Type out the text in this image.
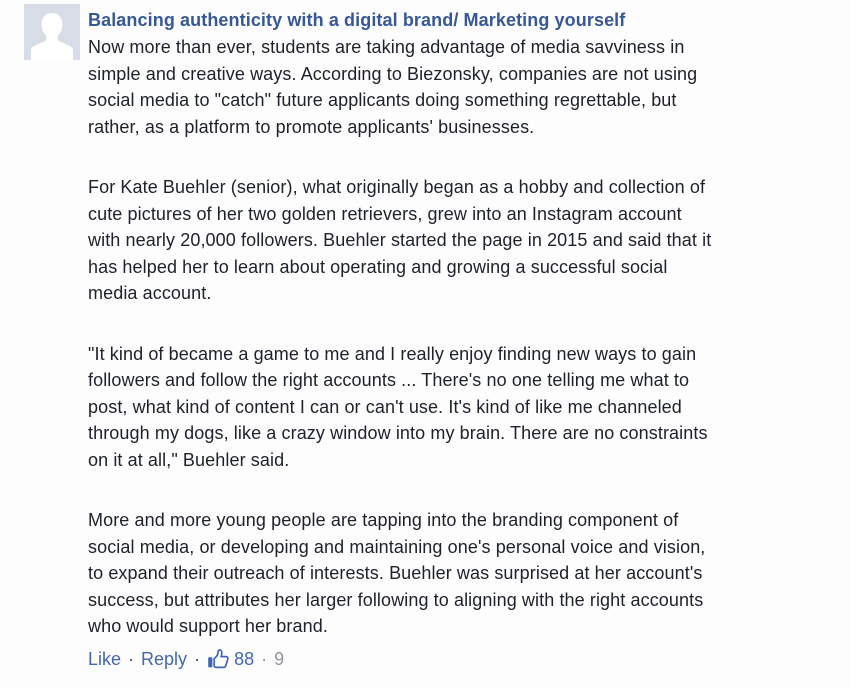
Balancing authenticity with a digital brand/ Marketing yourself
Now more than ever, students are taking advantage of media savviness in
simple and creative ways. According to Biezonsky, companies are not using
social media to "catch" future applicants doing something regrettable, but
rather, as a platform to promote applicants' businesses.
For Kate Buehler (senior), what originally began as a hobby and collection of
cute pictures of her two golden retrievers, grew into an Instagram account
with nearly 20,000 followers. Buehler started the page in 2015 and said that it
has helped her to learn about operating and growing a successful social
media account.
"It kind of became a game to me and I really enjoy finding new ways to gain
followers and follow the right accounts ... There's no one telling me what to
post, what kind of content I can or can't use. It's kind of like me channeled
through my dogs, like a crazy window into my brain. There are no constraints
on it at all," Buehler said.
More and more young people are tapping into the branding component of
social media, or developing and maintaining one's personal voice and vision,
to expand their outreach of interests. Buehler was surprised at her account's
success, but attributes her larger following to aligning with the right accounts
who would support her brand.
Like · Reply · 88 · 9
